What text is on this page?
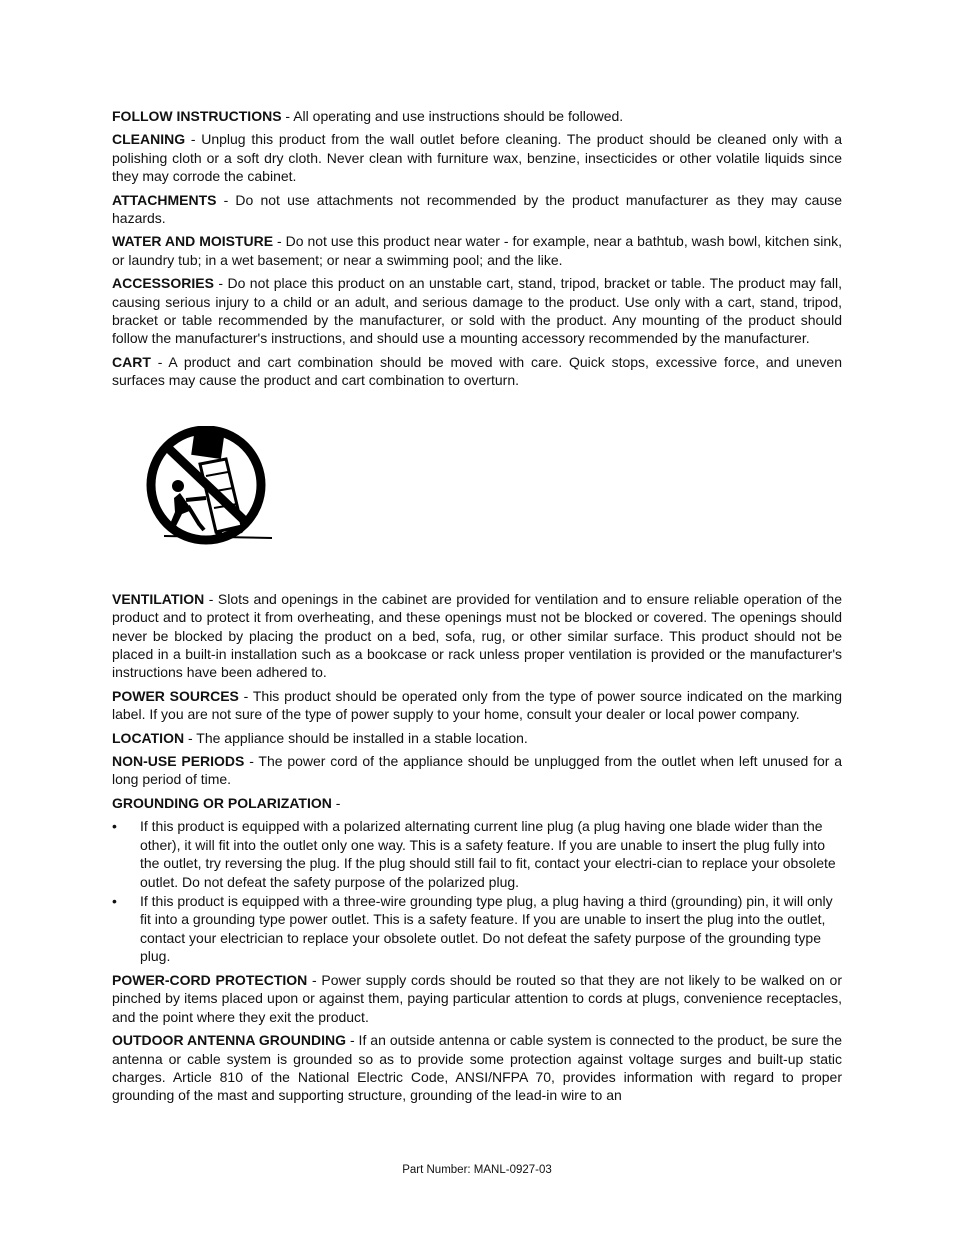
FOLLOW INSTRUCTIONS - All operating and use instructions should be followed.

CLEANING - Unplug this product from the wall outlet before cleaning. The product should be cleaned only with a polishing cloth or a soft dry cloth. Never clean with furniture wax, benzine, insecticides or other volatile liquids since they may corrode the cabinet.

ATTACHMENTS - Do not use attachments not recommended by the product manufacturer as they may cause hazards.

WATER AND MOISTURE - Do not use this product near water - for example, near a bathtub, wash bowl, kitchen sink, or laundry tub; in a wet basement; or near a swimming pool; and the like.

ACCESSORIES - Do not place this product on an unstable cart, stand, tripod, bracket or table. The product may fall, causing serious injury to a child or an adult, and serious damage to the product. Use only with a cart, stand, tripod, bracket or table recommended by the manufacturer, or sold with the product. Any mounting of the product should follow the manufacturer's instructions, and should use a mounting accessory recommended by the manufacturer.

CART - A product and cart combination should be moved with care. Quick stops, excessive force, and uneven surfaces may cause the product and cart combination to overturn.

VENTILATION - Slots and openings in the cabinet are provided for ventilation and to ensure reliable operation of the product and to protect it from overheating, and these openings must not be blocked or covered. The openings should never be blocked by placing the product on a bed, sofa, rug, or other similar surface. This product should not be placed in a built-in installation such as a bookcase or rack unless proper ventilation is provided or the manufacturer's instructions have been adhered to.

POWER SOURCES - This product should be operated only from the type of power source indicated on the marking label. If you are not sure of the type of power supply to your home, consult your dealer or local power company.

LOCATION - The appliance should be installed in a stable location.

NON-USE PERIODS - The power cord of the appliance should be unplugged from the outlet when left unused for a long period of time.

GROUNDING OR POLARIZATION -

• If this product is equipped with a polarized alternating current line plug (a plug having one blade wider than the other), it will fit into the outlet only one way. This is a safety feature. If you are unable to insert the plug fully into the outlet, try reversing the plug. If the plug should still fail to fit, contact your electri-cian to replace your obsolete outlet. Do not defeat the safety purpose of the polarized plug.
• If this product is equipped with a three-wire grounding type plug, a plug having a third (grounding) pin, it will only fit into a grounding type power outlet. This is a safety feature. If you are unable to insert the plug into the outlet, contact your electrician to replace your obsolete outlet. Do not defeat the safety purpose of the grounding type plug.

POWER-CORD PROTECTION - Power supply cords should be routed so that they are not likely to be walked on or pinched by items placed upon or against them, paying particular attention to cords at plugs, convenience receptacles, and the point where they exit the product.

OUTDOOR ANTENNA GROUNDING - If an outside antenna or cable system is connected to the product, be sure the antenna or cable system is grounded so as to provide some protection against voltage surges and built-up static charges. Article 810 of the National Electric Code, ANSI/NFPA 70, provides information with regard to proper grounding of the mast and supporting structure, grounding of the lead-in wire to an

Part Number: MANL-0927-03
